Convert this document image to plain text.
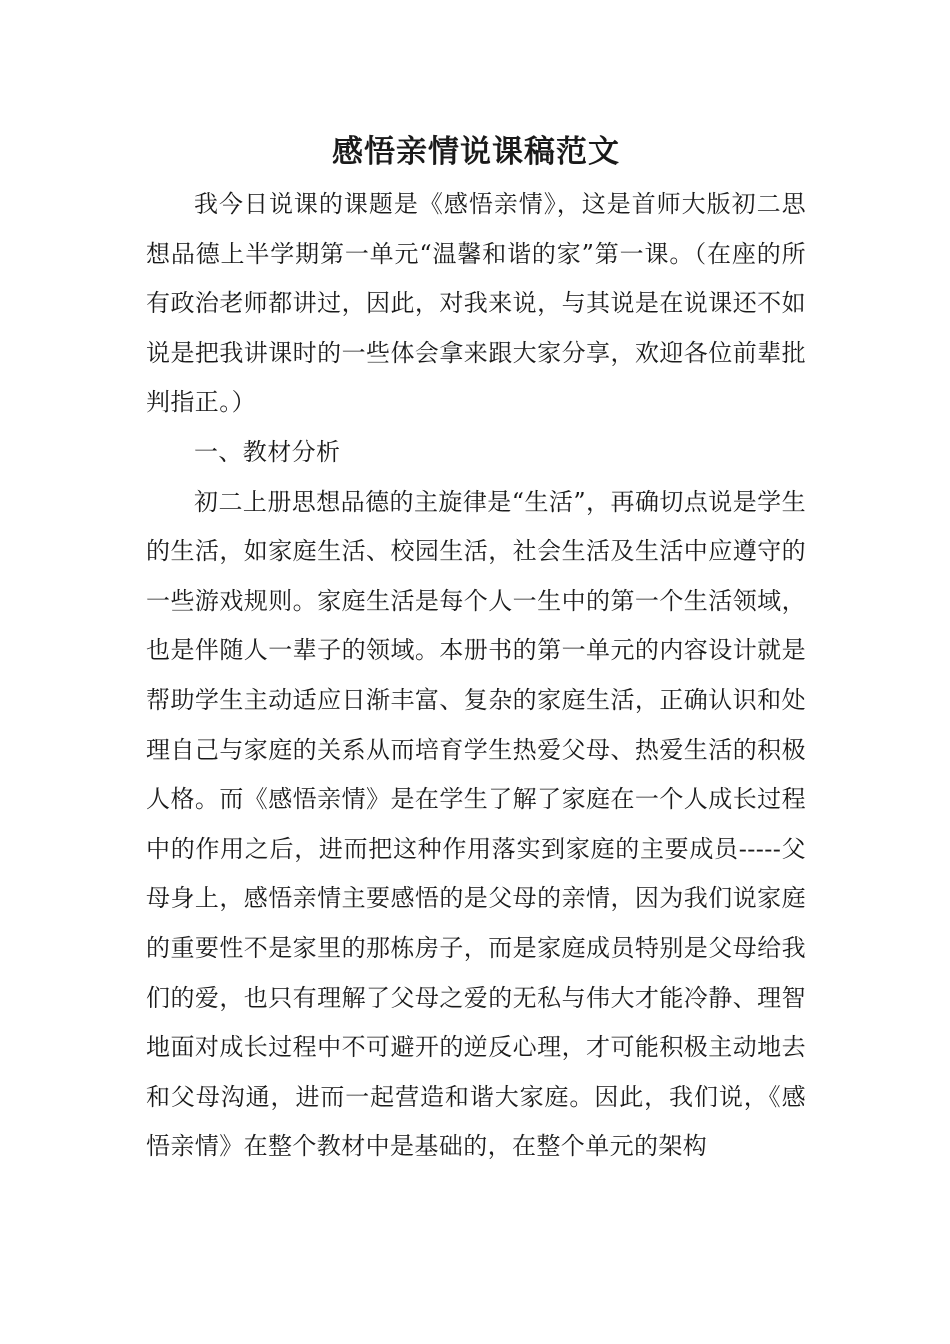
感悟亲情说课稿范文

我今日说课的课题是《感悟亲情》，这是首师大版初二思想品德上半学期第一单元“温馨和谐的家”第一课。（在座的所有政治老师都讲过，因此，对我来说，与其说是在说课还不如说是把我讲课时的一些体会拿来跟大家分享，欢迎各位前辈批判指正。）

一、教材分析

初二上册思想品德的主旋律是“生活”，再确切点说是学生的生活，如家庭生活、校园生活，社会生活及生活中应遵守的一些游戏规则。家庭生活是每个人一生中的第一个生活领域，也是伴随人一辈子的领域。本册书的第一单元的内容设计就是帮助学生主动适应日渐丰富、复杂的家庭生活，正确认识和处理自己与家庭的关系从而培育学生热爱父母、热爱生活的积极人格。而《感悟亲情》是在学生了解了家庭在一个人成长过程中的作用之后，进而把这种作用落实到家庭的主要成员-----父母身上，感悟亲情主要感悟的是父母的亲情，因为我们说家庭的重要性不是家里的那栋房子，而是家庭成员特别是父母给我们的爱，也只有理解了父母之爱的无私与伟大才能冷静、理智地面对成长过程中不可避开的逆反心理，才可能积极主动地去和父母沟通，进而一起营造和谐大家庭。因此，我们说，《感悟亲情》在整个教材中是基础的，在整个单元的架构
